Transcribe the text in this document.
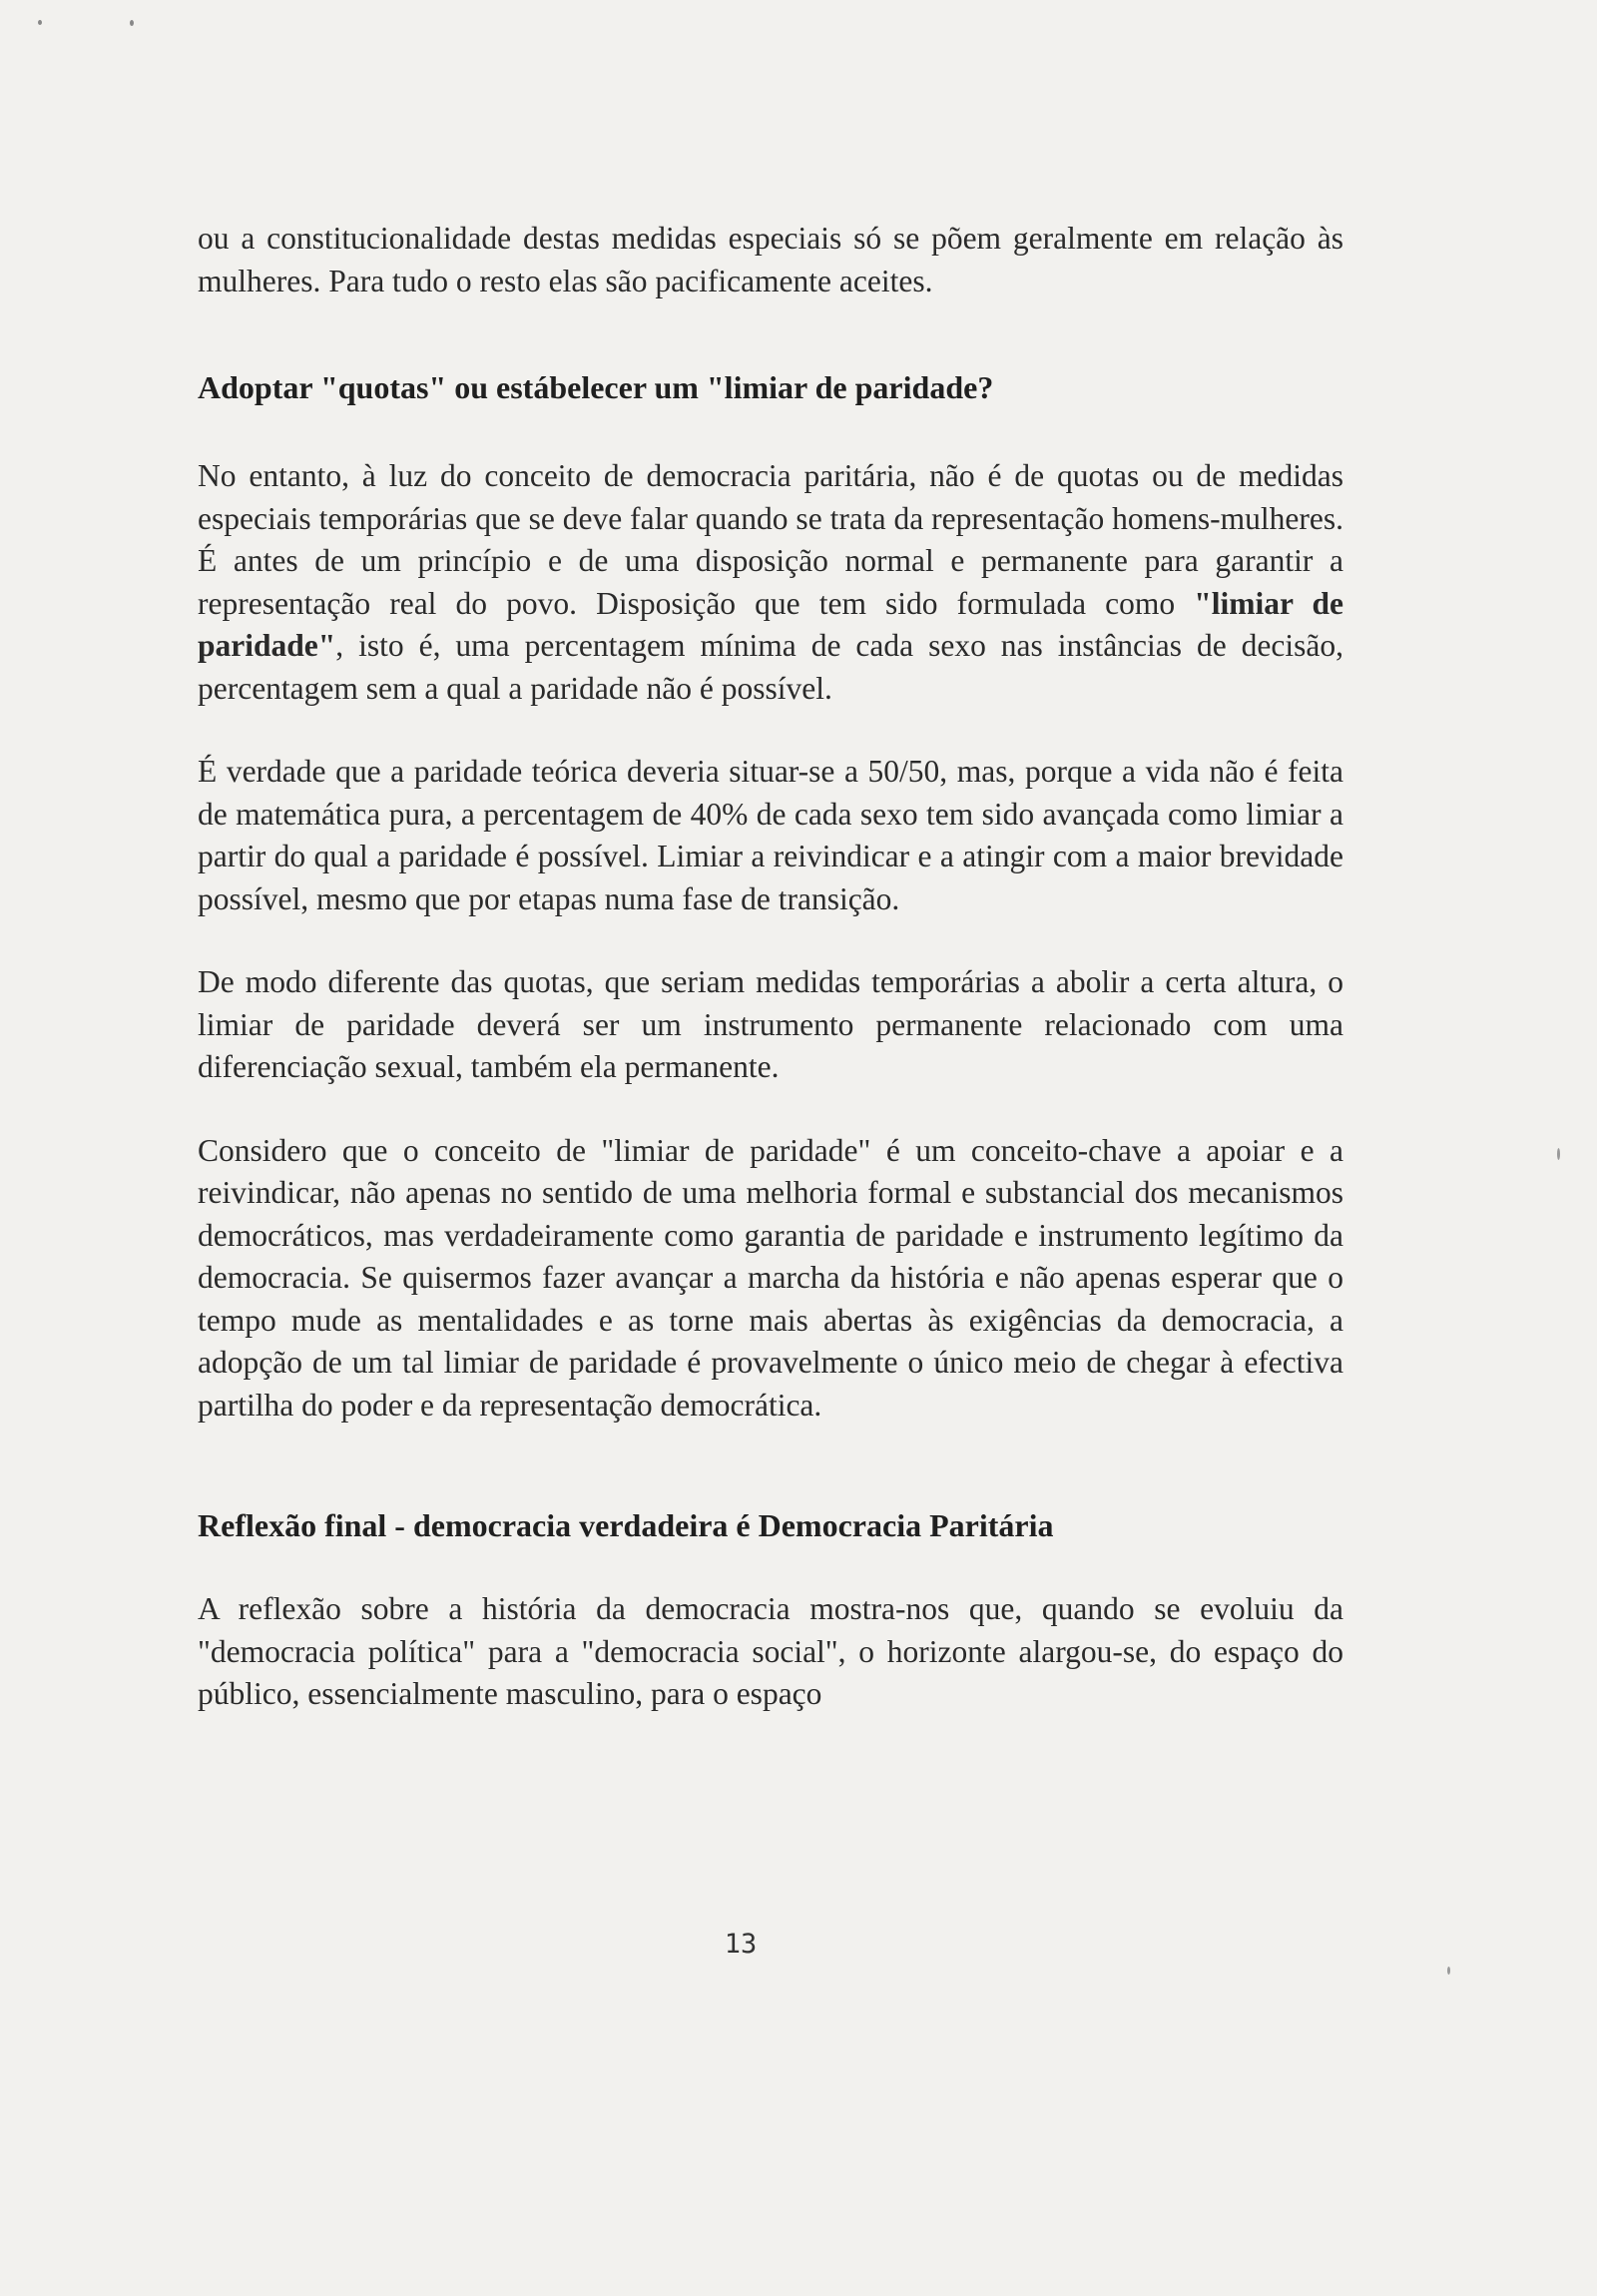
ou a constitucionalidade destas medidas especiais só se põem geralmente em relação às mulheres. Para tudo o resto elas são pacificamente aceites.

Adoptar "quotas" ou estábelecer um "limiar de paridade?

No entanto, à luz do conceito de democracia paritária, não é de quotas ou de medidas especiais temporárias que se deve falar quando se trata da representação homens-mulheres. É antes de um princípio e de uma disposição normal e permanente para garantir a representação real do povo. Disposição que tem sido formulada como "limiar de paridade", isto é, uma percentagem mínima de cada sexo nas instâncias de decisão, percentagem sem a qual a paridade não é possível.

É verdade que a paridade teórica deveria situar-se a 50/50, mas, porque a vida não é feita de matemática pura, a percentagem de 40% de cada sexo tem sido avançada como limiar a partir do qual a paridade é possível. Limiar a reivindicar e a atingir com a maior brevidade possível, mesmo que por etapas numa fase de transição.

De modo diferente das quotas, que seriam medidas temporárias a abolir a certa altura, o limiar de paridade deverá ser um instrumento permanente relacionado com uma diferenciação sexual, também ela permanente.

Considero que o conceito de "limiar de paridade" é um conceito-chave a apoiar e a reivindicar, não apenas no sentido de uma melhoria formal e substancial dos mecanismos democráticos, mas verdadeiramente como garantia de paridade e instrumento legítimo da democracia. Se quisermos fazer avançar a marcha da história e não apenas esperar que o tempo mude as mentalidades e as torne mais abertas às exigências da democracia, a adopção de um tal limiar de paridade é provavelmente o único meio de chegar à efectiva partilha do poder e da representação democrática.

Reflexão final - democracia verdadeira é Democracia Paritária

A reflexão sobre a história da democracia mostra-nos que, quando se evoluiu da "democracia política" para a "democracia social", o horizonte alargou-se, do espaço do público, essencialmente masculino, para o espaço

13
